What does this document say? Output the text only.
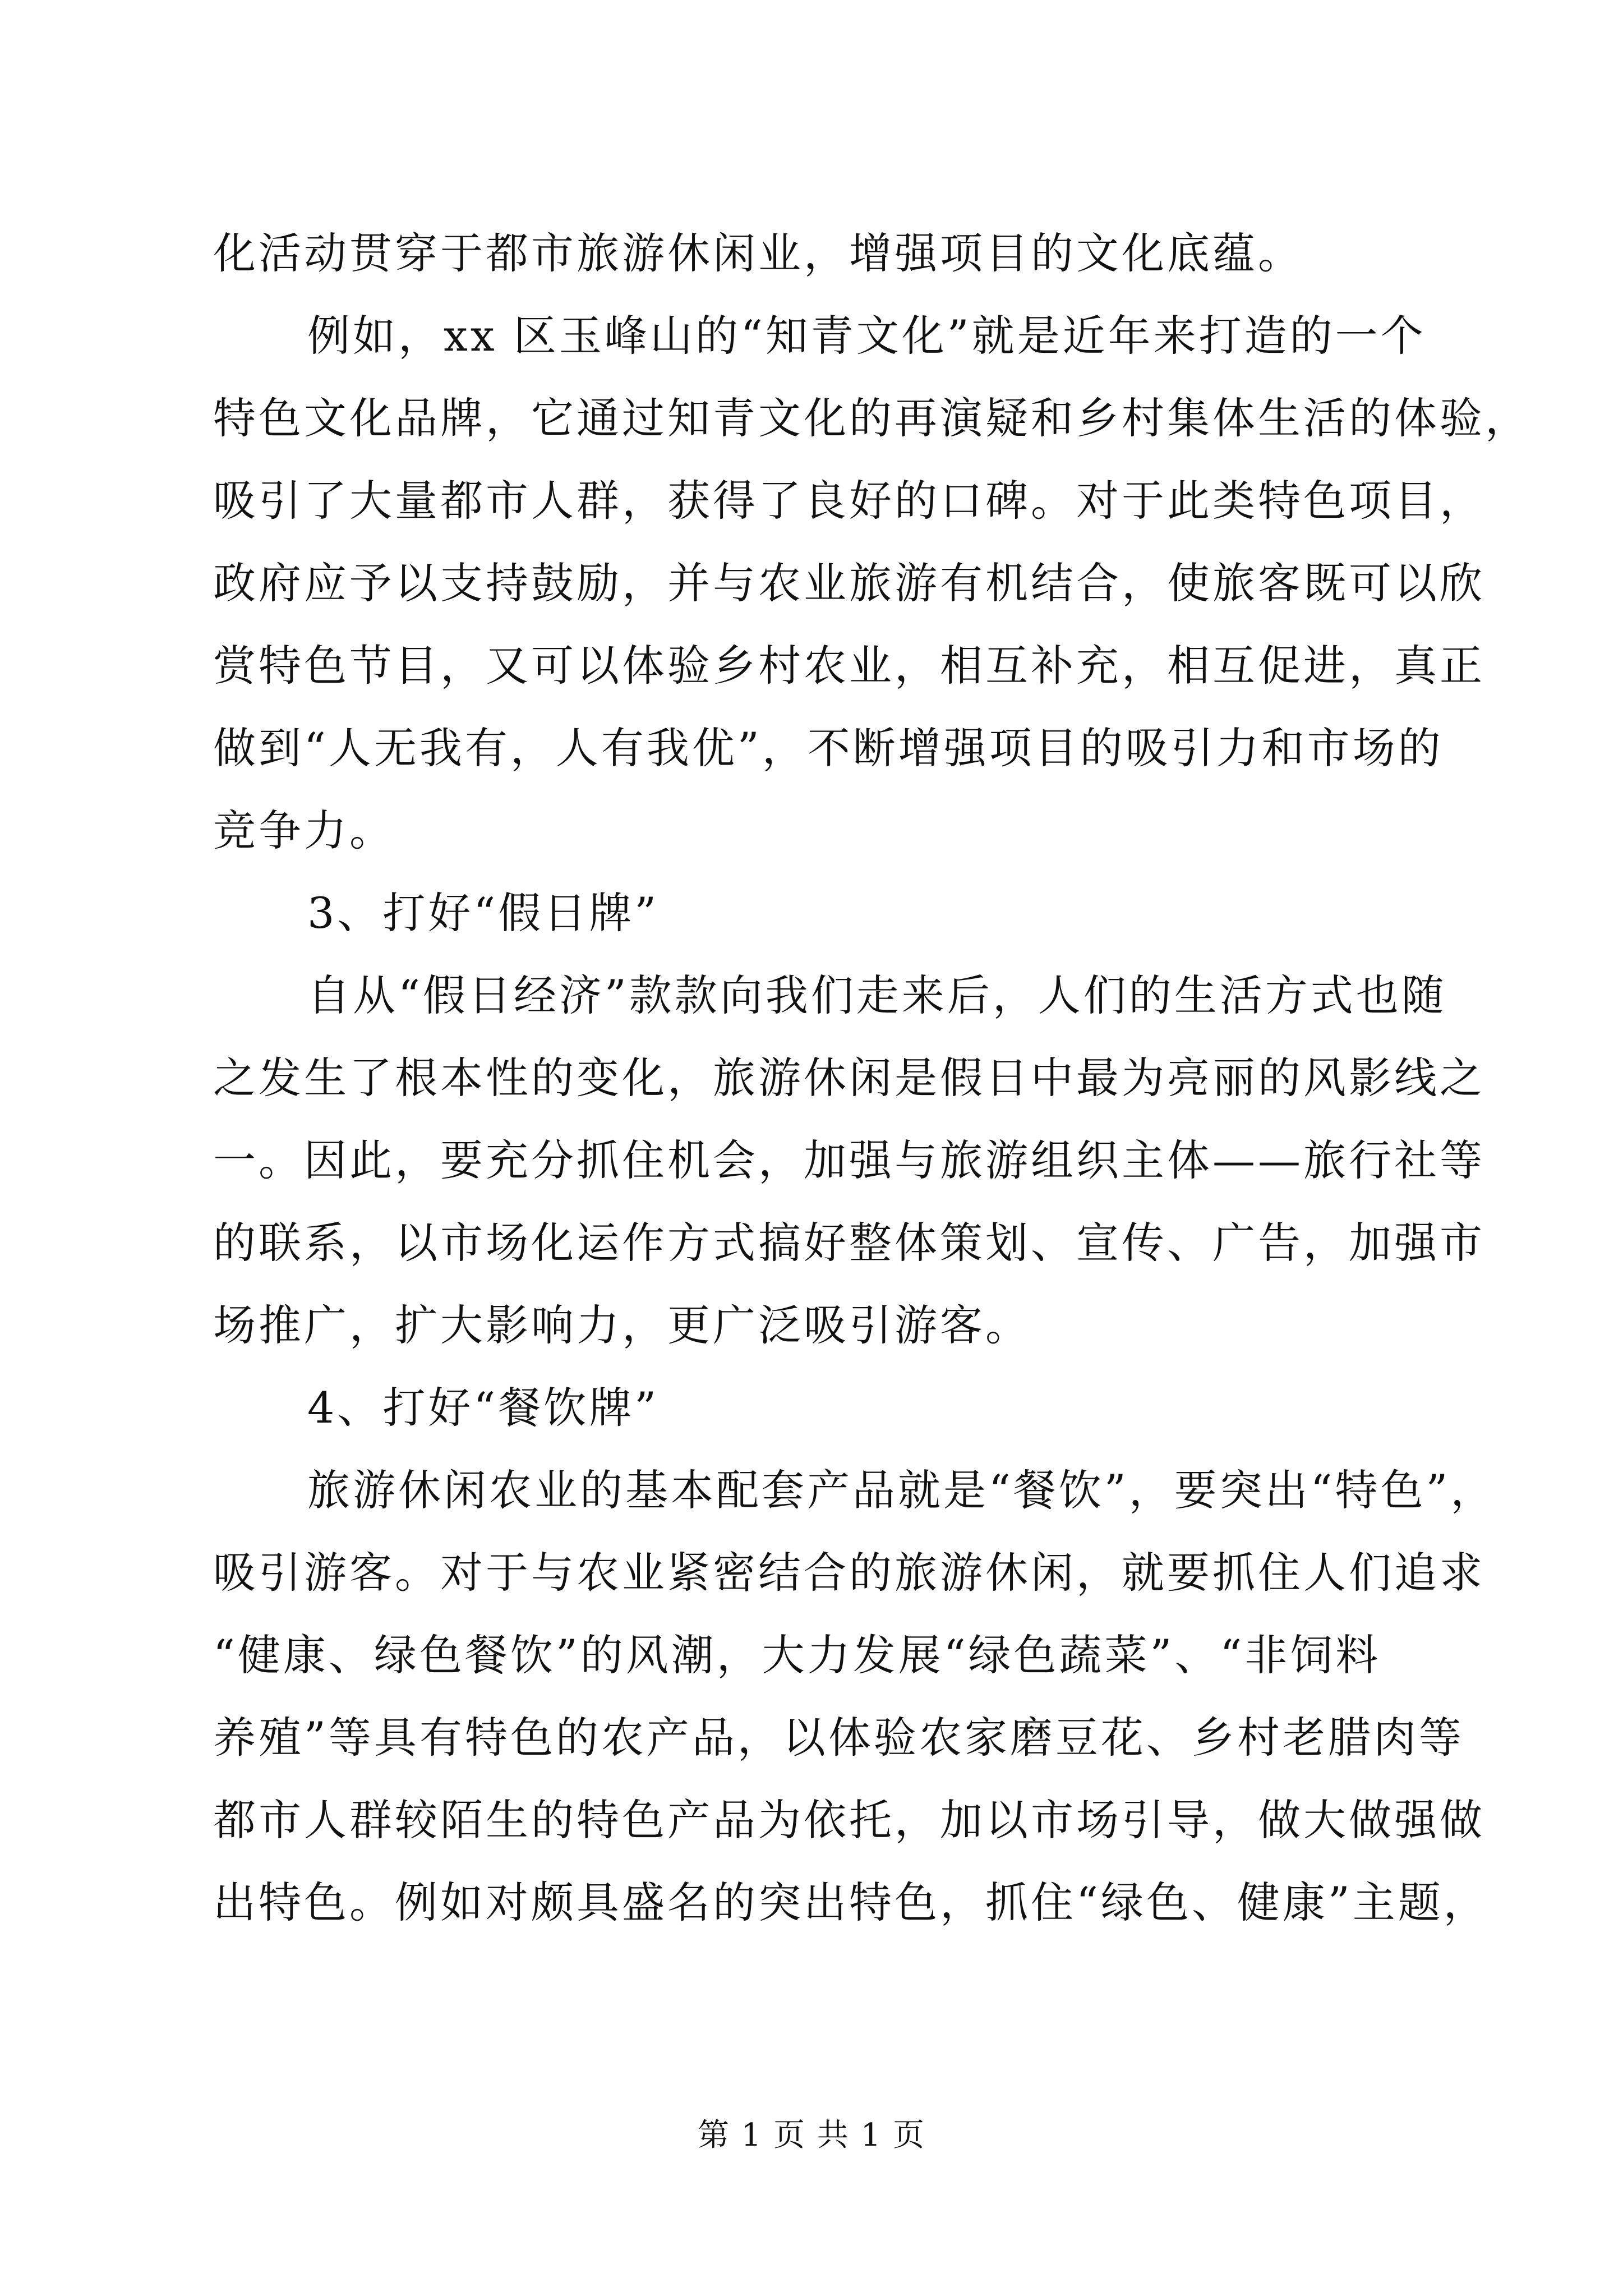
化活动贯穿于都市旅游休闲业，增强项目的文化底蕴。
例如，xx 区玉峰山的“知青文化”就是近年来打造的一个
特色文化品牌，它通过知青文化的再演疑和乡村集体生活的体验，
吸引了大量都市人群，获得了良好的口碑。对于此类特色项目，
政府应予以支持鼓励，并与农业旅游有机结合，使旅客既可以欣
赏特色节目，又可以体验乡村农业，相互补充，相互促进，真正
做到“人无我有，人有我优”，不断增强项目的吸引力和市场的
竞争力。
3、打好“假日牌”
自从“假日经济”款款向我们走来后，人们的生活方式也随
之发生了根本性的变化，旅游休闲是假日中最为亮丽的风影线之
一。因此，要充分抓住机会，加强与旅游组织主体——旅行社等
的联系，以市场化运作方式搞好整体策划、宣传、广告，加强市
场推广，扩大影响力，更广泛吸引游客。
4、打好“餐饮牌”
旅游休闲农业的基本配套产品就是“餐饮”，要突出“特色”，
吸引游客。对于与农业紧密结合的旅游休闲，就要抓住人们追求
“健康、绿色餐饮”的风潮，大力发展“绿色蔬菜”、“非饲料
养殖”等具有特色的农产品，以体验农家磨豆花、乡村老腊肉等
都市人群较陌生的特色产品为依托，加以市场引导，做大做强做
出特色。例如对颇具盛名的突出特色，抓住“绿色、健康”主题，
第 1 页 共 1 页
